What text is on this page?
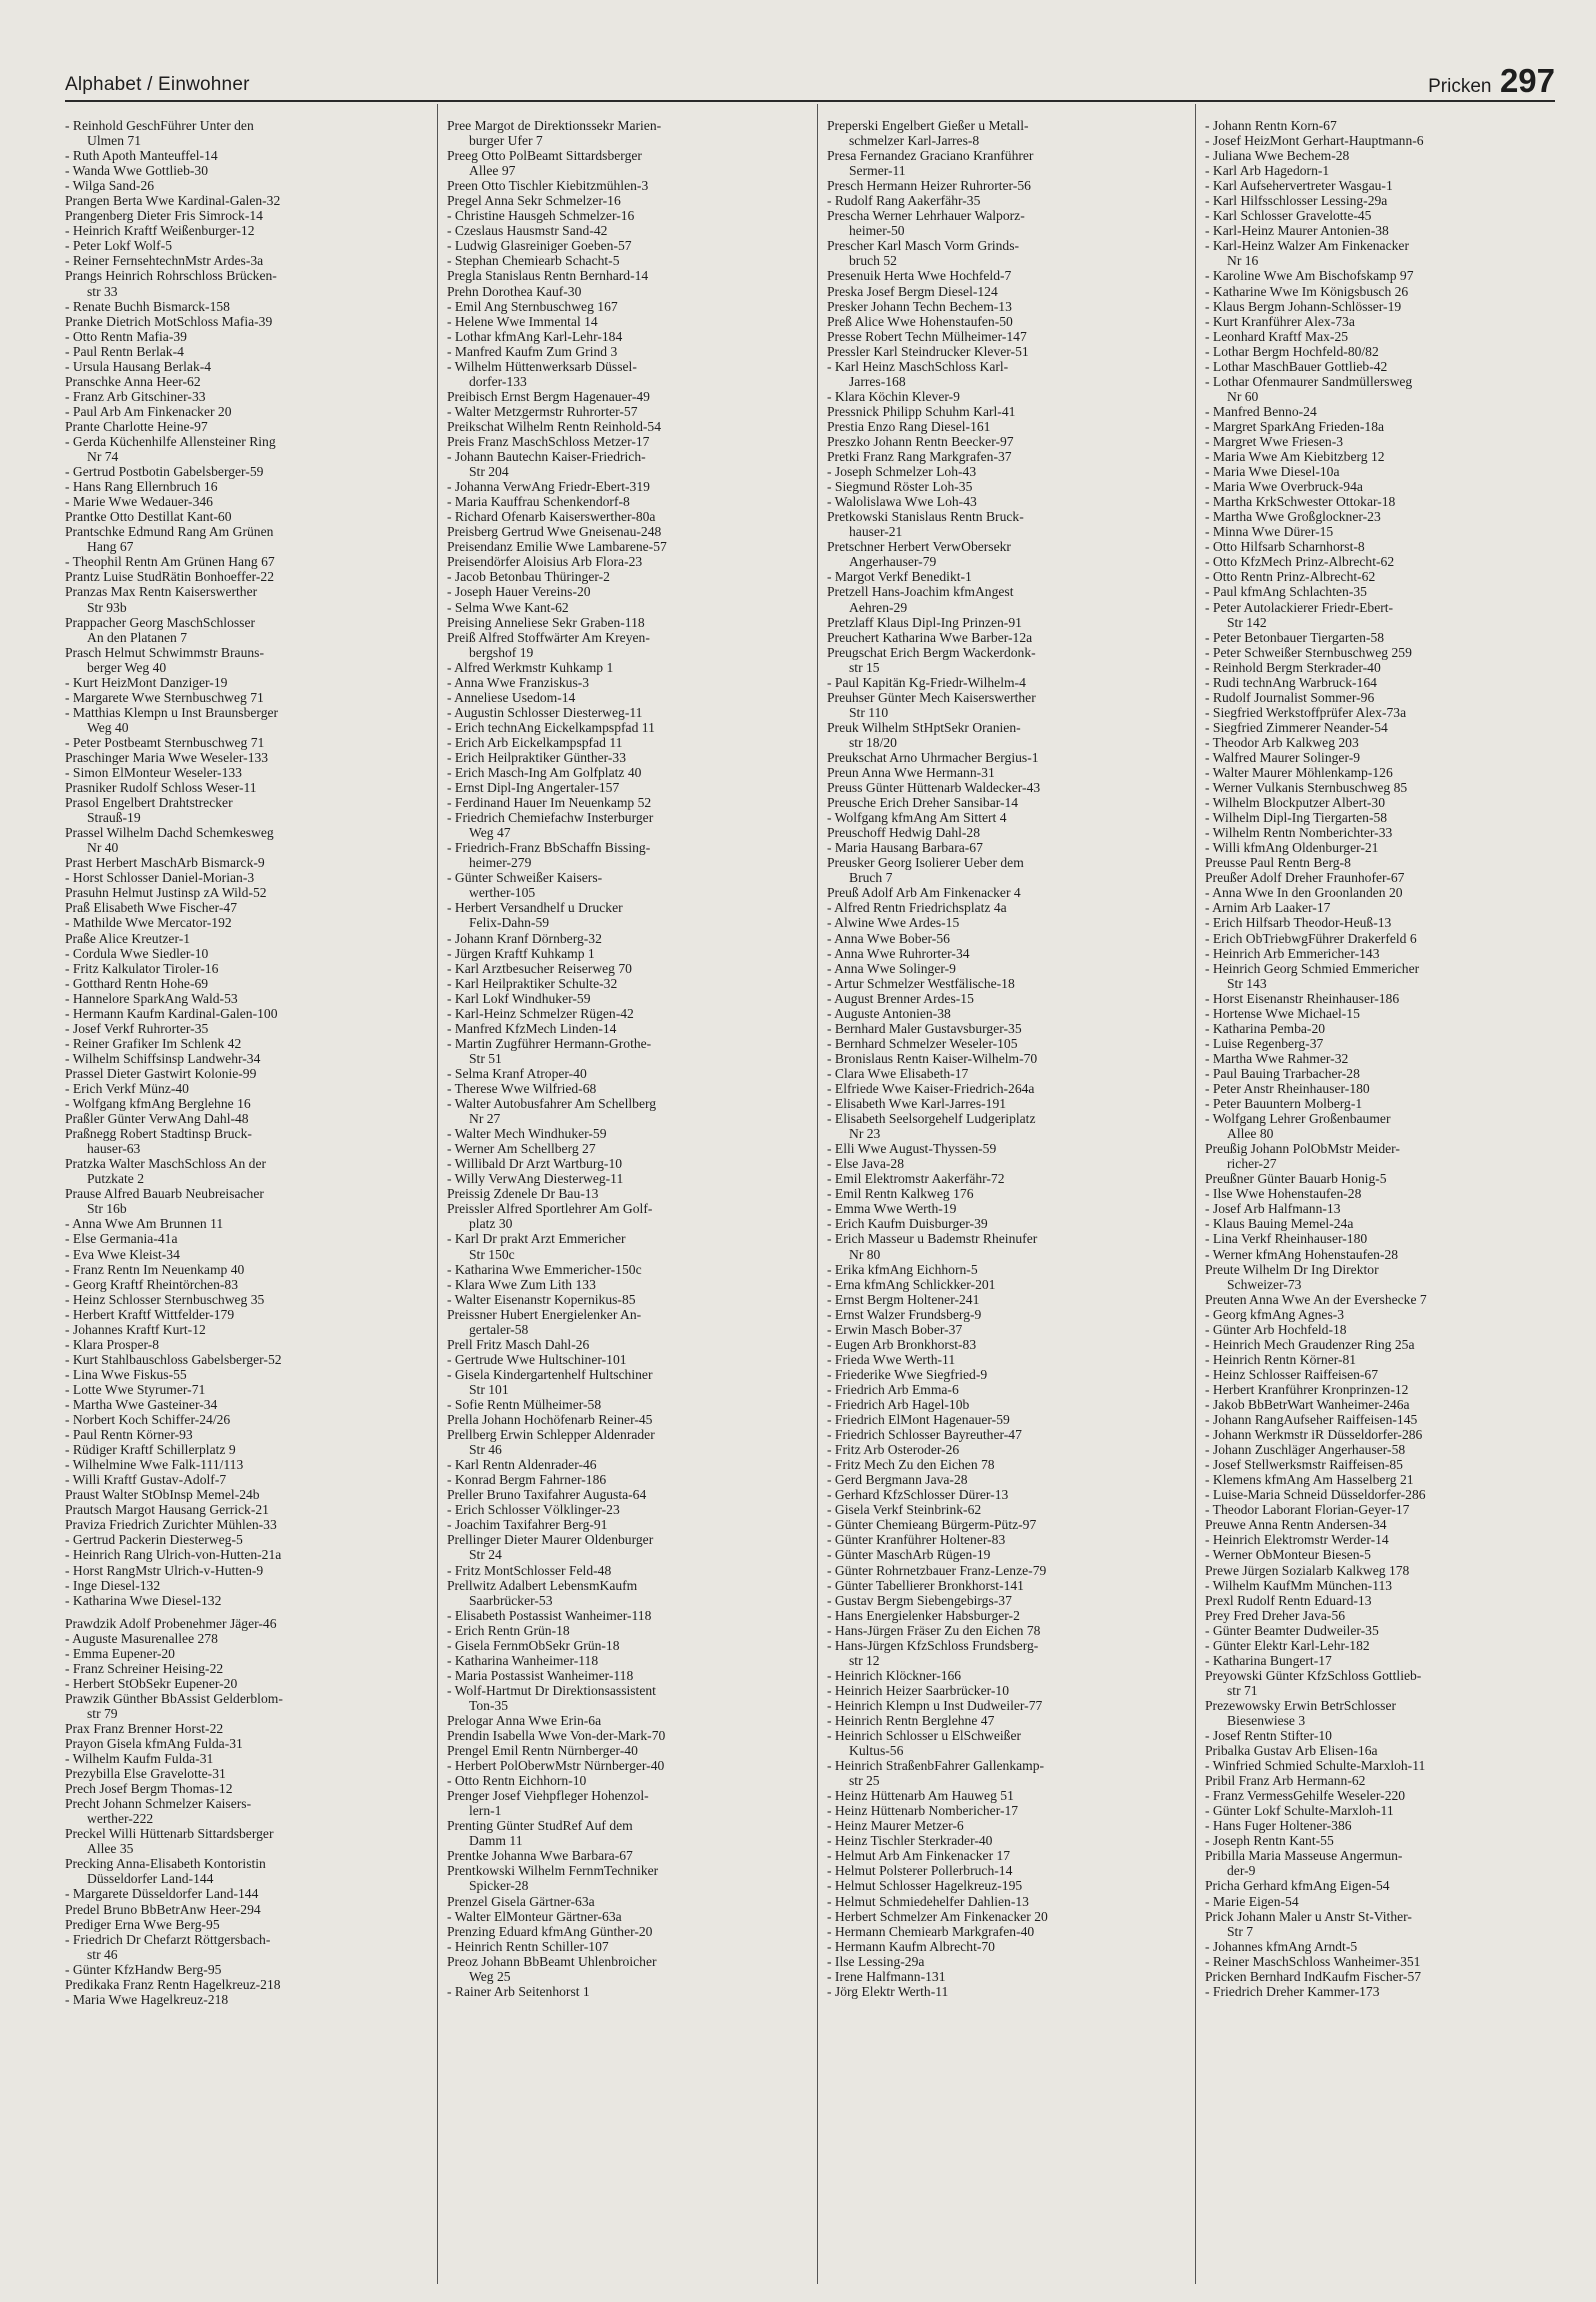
Alphabet / Einwohner	Pricken 297
- Reinhold GeschFührer Unter den
Ulmen 71
- Ruth Apoth Manteuffel-14
- Wanda Wwe Gottlieb-30
- Wilga Sand-26
Prangen Berta Wwe Kardinal-Galen-32
Prangenberg Dieter Fris Simrock-14
- Heinrich Kraftf Weißenburger-12
- Peter Lokf Wolf-5
- Reiner FernsehtechnMstr Ardes-3a
Prangs Heinrich Rohrschloss Brücken-
str 33
- Renate Buchh Bismarck-158
Pranke Dietrich MotSchloss Mafia-39
- Otto Rentn Mafia-39
- Paul Rentn Berlak-4
- Ursula Hausang Berlak-4
Pranschke Anna Heer-62
- Franz Arb Gitschiner-33
- Paul Arb Am Finkenacker 20
Prante Charlotte Heine-97
- Gerda Küchenhilfe Allensteiner Ring
Nr 74
- Gertrud Postbotin Gabelsberger-59
- Hans Rang Ellernbruch 16
- Marie Wwe Wedauer-346
Prantke Otto Destillat Kant-60
Prantschke Edmund Rang Am Grünen
Hang 67
- Theophil Rentn Am Grünen Hang 67
Prantz Luise StudRätin Bonhoeffer-22
Pranzas Max Rentn Kaiserswerther
Str 93b
Prappacher Georg MaschSchlosser
An den Platanen 7
Prasch Helmut Schwimmstr Brauns-
berger Weg 40
- Kurt HeizMont Danziger-19
- Margarete Wwe Sternbuschweg 71
- Matthias Klempn u Inst Braunsberger
Weg 40
- Peter Postbeamt Sternbuschweg 71
Praschinger Maria Wwe Weseler-133
- Simon ElMonteur Weseler-133
Prasniker Rudolf Schloss Weser-11
Prasol Engelbert Drahtstrecker
Strauß-19
Prassel Wilhelm Dachd Schemkesweg
Nr 40
Prast Herbert MaschArb Bismarck-9
- Horst Schlosser Daniel-Morian-3
Prasuhn Helmut Justinsp zA Wild-52
Praß Elisabeth Wwe Fischer-47
- Mathilde Wwe Mercator-192
Praße Alice Kreutzer-1
- Cordula Wwe Siedler-10
- Fritz Kalkulator Tiroler-16
- Gotthard Rentn Hohe-69
- Hannelore SparkAng Wald-53
- Hermann Kaufm Kardinal-Galen-100
- Josef Verkf Ruhrorter-35
- Reiner Grafiker Im Schlenk 42
- Wilhelm Schiffsinsp Landwehr-34
Prassel Dieter Gastwirt Kolonie-99
- Erich Verkf Münz-40
- Wolfgang kfmAng Berglehne 16
Praßler Günter VerwAng Dahl-48
Praßnegg Robert Stadtinsp Bruck-
hauser-63
Pratzka Walter MaschSchloss An der
Putzkate 2
Prause Alfred Bauarb Neubreisacher
Str 16b
- Anna Wwe Am Brunnen 11
- Else Germania-41a
- Eva Wwe Kleist-34
- Franz Rentn Im Neuenkamp 40
- Georg Kraftf Rheintörchen-83
- Heinz Schlosser Sternbuschweg 35
- Herbert Kraftf Wittfelder-179
- Johannes Kraftf Kurt-12
- Klara Prosper-8
- Kurt Stahlbauschloss Gabelsberger-52
- Lina Wwe Fiskus-55
- Lotte Wwe Styrumer-71
- Martha Wwe Gasteiner-34
- Norbert Koch Schiffer-24/26
- Paul Rentn Körner-93
- Rüdiger Kraftf Schillerplatz 9
- Wilhelmine Wwe Falk-111/113
- Willi Kraftf Gustav-Adolf-7
Praust Walter StObInsp Memel-24b
Prautsch Margot Hausang Gerrick-21
Praviza Friedrich Zurichter Mühlen-33
- Gertrud Packerin Diesterweg-5
- Heinrich Rang Ulrich-von-Hutten-21a
- Horst RangMstr Ulrich-v-Hutten-9
- Inge Diesel-132
- Katharina Wwe Diesel-132
Prawdzik Adolf Probenehmer Jäger-46
- Auguste Masurenallee 278
- Emma Eupener-20
- Franz Schreiner Heising-22
- Herbert StObSekr Eupener-20
Prawzik Günther BbAssist Gelderblom-
str 79
Prax Franz Brenner Horst-22
Prayon Gisela kfmAng Fulda-31
- Wilhelm Kaufm Fulda-31
Prezybilla Else Gravelotte-31
Prech Josef Bergm Thomas-12
Precht Johann Schmelzer Kaisers-
werther-222
Preckel Willi Hüttenarb Sittardsberger
Allee 35
Precking Anna-Elisabeth Kontoristin
Düsseldorfer Land-144
- Margarete Düsseldorfer Land-144
Predel Bruno BbBetrAnw Heer-294
Prediger Erna Wwe Berg-95
- Friedrich Dr Chefarzt Röttgersbach-
str 46
- Günter KfzHandw Berg-95
Predikaka Franz Rentn Hagelkreuz-218
- Maria Wwe Hagelkreuz-218
Pree Margot de Direktionssekr Marien-
burger Ufer 7
Preeg Otto PolBeamt Sittardsberger
Allee 97
Preen Otto Tischler Kiebitzmühlen-3
Pregel Anna Sekr Schmelzer-16
- Christine Hausgeh Schmelzer-16
- Czeslaus Hausmstr Sand-42
- Ludwig Glasreiniger Goeben-57
- Stephan Chemiearb Schacht-5
Pregla Stanislaus Rentn Bernhard-14
Prehn Dorothea Kauf-30
- Emil Ang Sternbuschweg 167
- Helene Wwe Immental 14
- Lothar kfmAng Karl-Lehr-184
- Manfred Kaufm Zum Grind 3
- Wilhelm Hüttenwerksarb Düssel-
dorfer-133
Preibisch Ernst Bergm Hagenauer-49
- Walter Metzgermstr Ruhrorter-57
Preikschat Wilhelm Rentn Reinhold-54
Preis Franz MaschSchloss Metzer-17
- Johann Bautechn Kaiser-Friedrich-
Str 204
- Johanna VerwAng Friedr-Ebert-319
- Maria Kauffrau Schenkendorf-8
- Richard Ofenarb Kaiserswerther-80a
Preisberg Gertrud Wwe Gneisenau-248
Preisendanz Emilie Wwe Lambarene-57
Preisendörfer Aloisius Arb Flora-23
- Jacob Betonbau Thüringer-2
- Joseph Hauer Vereins-20
- Selma Wwe Kant-62
Preising Anneliese Sekr Graben-118
Preiß Alfred Stoffwärter Am Kreyen-
bergshof 19
- Alfred Werkmstr Kuhkamp 1
- Anna Wwe Franziskus-3
- Anneliese Usedom-14
- Augustin Schlosser Diesterweg-11
- Erich technAng Eickelkampspfad 11
- Erich Arb Eickelkampspfad 11
- Erich Heilpraktiker Günther-33
- Erich Masch-Ing Am Golfplatz 40
- Ernst Dipl-Ing Angertaler-157
- Ferdinand Hauer Im Neuenkamp 52
- Friedrich Chemiefachw Insterburger
Weg 47
- Friedrich-Franz BbSchaffn Bissing-
heimer-279
- Günter Schweißer Kaisers-
werther-105
- Herbert Versandhelf u Drucker
Felix-Dahn-59
- Johann Kranf Dörnberg-32
- Jürgen Kraftf Kuhkamp 1
- Karl Arztbesucher Reiserweg 70
- Karl Heilpraktiker Schulte-32
- Karl Lokf Windhuker-59
- Karl-Heinz Schmelzer Rügen-42
- Manfred KfzMech Linden-14
- Martin Zugführer Hermann-Grothe-
Str 51
- Selma Kranf Atroper-40
- Therese Wwe Wilfried-68
- Walter Autobusfahrer Am Schellberg
Nr 27
- Walter Mech Windhuker-59
- Werner Am Schellberg 27
- Willibald Dr Arzt Wartburg-10
- Willy VerwAng Diesterweg-11
Preissig Zdenele Dr Bau-13
Preissler Alfred Sportlehrer Am Golf-
platz 30
- Karl Dr prakt Arzt Emmericher
Str 150c
- Katharina Wwe Emmericher-150c
- Klara Wwe Zum Lith 133
- Walter Eisenanstr Kopernikus-85
Preissner Hubert Energielenker An-
gertaler-58
Prell Fritz Masch Dahl-26
- Gertrude Wwe Hultschiner-101
- Gisela Kindergartenhelf Hultschiner
Str 101
- Sofie Rentn Mülheimer-58
Prella Johann Hochöfenarb Reiner-45
Prellberg Erwin Schlepper Aldenrader
Str 46
- Karl Rentn Aldenrader-46
- Konrad Bergm Fahrner-186
Preller Bruno Taxifahrer Augusta-64
- Erich Schlosser Völklinger-23
- Joachim Taxifahrer Berg-91
Prellinger Dieter Maurer Oldenburger
Str 24
- Fritz MontSchlosser Feld-48
Prellwitz Adalbert LebensmKaufm
Saarbrücker-53
- Elisabeth Postassist Wanheimer-118
- Erich Rentn Grün-18
- Gisela FernmObSekr Grün-18
- Katharina Wanheimer-118
- Maria Postassist Wanheimer-118
- Wolf-Hartmut Dr Direktionsassistent
Ton-35
Prelogar Anna Wwe Erin-6a
Prendin Isabella Wwe Von-der-Mark-70
Prengel Emil Rentn Nürnberger-40
- Herbert PolOberwMstr Nürnberger-40
- Otto Rentn Eichhorn-10
Prenger Josef Viehpfleger Hohenzol-
lern-1
Prenting Günter StudRef Auf dem
Damm 11
Prentke Johanna Wwe Barbara-67
Prentkowski Wilhelm FernmTechniker
Spicker-28
Prenzel Gisela Gärtner-63a
- Walter ElMonteur Gärtner-63a
Prenzing Eduard kfmAng Günther-20
- Heinrich Rentn Schiller-107
Preoz Johann BbBeamt Uhlenbroicher
Weg 25
- Rainer Arb Seitenhorst 1
Preperski Engelbert Gießer u Metall-
schmelzer Karl-Jarres-8
Presa Fernandez Graciano Kranführer
Sermer-11
Presch Hermann Heizer Ruhrorter-56
- Rudolf Rang Aakerfähr-35
Prescha Werner Lehrhauer Walporz-
heimer-50
Prescher Karl Masch Vorm Grinds-
bruch 52
Presenuik Herta Wwe Hochfeld-7
Preska Josef Bergm Diesel-124
Presker Johann Techn Bechem-13
Preß Alice Wwe Hohenstaufen-50
Presse Robert Techn Mülheimer-147
Pressler Karl Steindrucker Klever-51
- Karl Heinz MaschSchloss Karl-
Jarres-168
- Klara Köchin Klever-9
Pressnick Philipp Schuhm Karl-41
Prestia Enzo Rang Diesel-161
Preszko Johann Rentn Beecker-97
Pretki Franz Rang Markgrafen-37
- Joseph Schmelzer Loh-43
- Siegmund Röster Loh-35
- Walolislawa Wwe Loh-43
Pretkowski Stanislaus Rentn Bruck-
hauser-21
Pretschner Herbert VerwObersekr
Angerhauser-79
- Margot Verkf Benedikt-1
Pretzell Hans-Joachim kfmAngest
Aehren-29
Pretzlaff Klaus Dipl-Ing Prinzen-91
Preuchert Katharina Wwe Barber-12a
Preugschat Erich Bergm Wackerdonk-
str 15
- Paul Kapitän Kg-Friedr-Wilhelm-4
Preuhser Günter Mech Kaiserswerther
Str 110
Preuk Wilhelm StHptSekr Oranien-
str 18/20
Preukschat Arno Uhrmacher Bergius-1
Preun Anna Wwe Hermann-31
Preuss Günter Hüttenarb Waldecker-43
Preusche Erich Dreher Sansibar-14
- Wolfgang kfmAng Am Sittert 4
Preuschoff Hedwig Dahl-28
- Maria Hausang Barbara-67
Preusker Georg Isolierer Ueber dem
Bruch 7
Preuß Adolf Arb Am Finkenacker 4
- Alfred Rentn Friedrichsplatz 4a
- Alwine Wwe Ardes-15
- Anna Wwe Bober-56
- Anna Wwe Ruhrorter-34
- Anna Wwe Solinger-9
- Artur Schmelzer Westfälische-18
- August Brenner Ardes-15
- Auguste Antonien-38
- Bernhard Maler Gustavsburger-35
- Bernhard Schmelzer Weseler-105
- Bronislaus Rentn Kaiser-Wilhelm-70
- Clara Wwe Elisabeth-17
- Elfriede Wwe Kaiser-Friedrich-264a
- Elisabeth Wwe Karl-Jarres-191
- Elisabeth Seelsorgehelf Ludgeriplatz
Nr 23
- Elli Wwe August-Thyssen-59
- Else Java-28
- Emil Elektromstr Aakerfähr-72
- Emil Rentn Kalkweg 176
- Emma Wwe Werth-19
- Erich Kaufm Duisburger-39
- Erich Masseur u Bademstr Rheinufer
Nr 80
- Erika kfmAng Eichhorn-5
- Erna kfmAng Schlickker-201
- Ernst Bergm Holtener-241
- Ernst Walzer Frundsberg-9
- Erwin Masch Bober-37
- Eugen Arb Bronkhorst-83
- Frieda Wwe Werth-11
- Friederike Wwe Siegfried-9
- Friedrich Arb Emma-6
- Friedrich Arb Hagel-10b
- Friedrich ElMont Hagenauer-59
- Friedrich Schlosser Bayreuther-47
- Fritz Arb Osteroder-26
- Fritz Mech Zu den Eichen 78
- Gerd Bergmann Java-28
- Gerhard KfzSchlosser Dürer-13
- Gisela Verkf Steinbrink-62
- Günter Chemieang Bürgerm-Pütz-97
- Günter Kranführer Holtener-83
- Günter MaschArb Rügen-19
- Günter Rohrnetzbauer Franz-Lenze-79
- Günter Tabellierer Bronkhorst-141
- Gustav Bergm Siebengebirgs-37
- Hans Energielenker Habsburger-2
- Hans-Jürgen Fräser Zu den Eichen 78
- Hans-Jürgen KfzSchloss Frundsberg-
str 12
- Heinrich Klöckner-166
- Heinrich Heizer Saarbrücker-10
- Heinrich Klempn u Inst Dudweiler-77
- Heinrich Rentn Berglehne 47
- Heinrich Schlosser u ElSchweißer
Kultus-56
- Heinrich StraßenbFahrer Gallenkamp-
str 25
- Heinz Hüttenarb Am Hauweg 51
- Heinz Hüttenarb Nombericher-17
- Heinz Maurer Metzer-6
- Heinz Tischler Sterkrader-40
- Helmut Arb Am Finkenacker 17
- Helmut Polsterer Pollerbruch-14
- Helmut Schlosser Hagelkreuz-195
- Helmut Schmiedehelfer Dahlien-13
- Herbert Schmelzer Am Finkenacker 20
- Hermann Chemiearb Markgrafen-40
- Hermann Kaufm Albrecht-70
- Ilse Lessing-29a
- Irene Halfmann-131
- Jörg Elektr Werth-11
- Johann Rentn Korn-67
- Josef HeizMont Gerhart-Hauptmann-6
- Juliana Wwe Bechem-28
- Karl Arb Hagedorn-1
- Karl Aufsehervertreter Wasgau-1
- Karl Hilfsschlosser Lessing-29a
- Karl Schlosser Gravelotte-45
- Karl-Heinz Maurer Antonien-38
- Karl-Heinz Walzer Am Finkenacker
Nr 16
- Karoline Wwe Am Bischofskamp 97
- Katharine Wwe Im Königsbusch 26
- Klaus Bergm Johann-Schlösser-19
- Kurt Kranführer Alex-73a
- Leonhard Kraftf Max-25
- Lothar Bergm Hochfeld-80/82
- Lothar MaschBauer Gottlieb-42
- Lothar Ofenmaurer Sandmüllersweg
Nr 60
- Manfred Benno-24
- Margret SparkAng Frieden-18a
- Margret Wwe Friesen-3
- Maria Wwe Am Kiebitzberg 12
- Maria Wwe Diesel-10a
- Maria Wwe Overbruck-94a
- Martha KrkSchwester Ottokar-18
- Martha Wwe Großglockner-23
- Minna Wwe Dürer-15
- Otto Hilfsarb Scharnhorst-8
- Otto KfzMech Prinz-Albrecht-62
- Otto Rentn Prinz-Albrecht-62
- Paul kfmAng Schlachten-35
- Peter Autolackierer Friedr-Ebert-
Str 142
- Peter Betonbauer Tiergarten-58
- Peter Schweißer Sternbuschweg 259
- Reinhold Bergm Sterkrader-40
- Rudi technAng Warbruck-164
- Rudolf Journalist Sommer-96
- Siegfried Werkstoffprüfer Alex-73a
- Siegfried Zimmerer Neander-54
- Theodor Arb Kalkweg 203
- Walfred Maurer Solinger-9
- Walter Maurer Möhlenkamp-126
- Werner Vulkanis Sternbuschweg 85
- Wilhelm Blockputzer Albert-30
- Wilhelm Dipl-Ing Tiergarten-58
- Wilhelm Rentn Nomberichter-33
- Willi kfmAng Oldenburger-21
Preusse Paul Rentn Berg-8
Preußer Adolf Dreher Fraunhofer-67
- Anna Wwe In den Groonlanden 20
- Arnim Arb Laaker-17
- Erich Hilfsarb Theodor-Heuß-13
- Erich ObTriebwgFührer Drakerfeld 6
- Heinrich Arb Emmericher-143
- Heinrich Georg Schmied Emmericher
Str 143
- Horst Eisenanstr Rheinhauser-186
- Hortense Wwe Michael-15
- Katharina Pemba-20
- Luise Regenberg-37
- Martha Wwe Rahmer-32
- Paul Bauing Trarbacher-28
- Peter Anstr Rheinhauser-180
- Peter Bauuntern Molberg-1
- Wolfgang Lehrer Großenbaumer
Allee 80
Preußig Johann PolObMstr Meider-
richer-27
Preußner Günter Bauarb Honig-5
- Ilse Wwe Hohenstaufen-28
- Josef Arb Halfmann-13
- Klaus Bauing Memel-24a
- Lina Verkf Rheinhauser-180
- Werner kfmAng Hohenstaufen-28
Preute Wilhelm Dr Ing Direktor
Schweizer-73
Preuten Anna Wwe An der Evershecke 7
- Georg kfmAng Agnes-3
- Günter Arb Hochfeld-18
- Heinrich Mech Graudenzer Ring 25a
- Heinrich Rentn Körner-81
- Heinz Schlosser Raiffeisen-67
- Herbert Kranführer Kronprinzen-12
- Jakob BbBetrWart Wanheimer-246a
- Johann RangAufseher Raiffeisen-145
- Johann Werkmstr iR Düsseldorfer-286
- Johann Zuschläger Angerhauser-58
- Josef Stellwerksmstr Raiffeisen-85
- Klemens kfmAng Am Hasselberg 21
- Luise-Maria Schneid Düsseldorfer-286
- Theodor Laborant Florian-Geyer-17
Preuwe Anna Rentn Andersen-34
- Heinrich Elektromstr Werder-14
- Werner ObMonteur Biesen-5
Prewe Jürgen Sozialarb Kalkweg 178
- Wilhelm KaufMm München-113
Prexl Rudolf Rentn Eduard-13
Prey Fred Dreher Java-56
- Günter Beamter Dudweiler-35
- Günter Elektr Karl-Lehr-182
- Katharina Bungert-17
Preyowski Günter KfzSchloss Gottlieb-
str 71
Prezewowsky Erwin BetrSchlosser
Biesenwiese 3
- Josef Rentn Stifter-10
Pribalka Gustav Arb Elisen-16a
- Winfried Schmied Schulte-Marxloh-11
Pribil Franz Arb Hermann-62
- Franz VermessGehilfe Weseler-220
- Günter Lokf Schulte-Marxloh-11
- Hans Fuger Holtener-386
- Joseph Rentn Kant-55
Pribilla Maria Masseuse Angermun-
der-9
Pricha Gerhard kfmAng Eigen-54
- Marie Eigen-54
Prick Johann Maler u Anstr St-Vither-
Str 7
- Johannes kfmAng Arndt-5
- Reiner MaschSchloss Wanheimer-351
Pricken Bernhard IndKaufm Fischer-57
- Friedrich Dreher Kammer-173
